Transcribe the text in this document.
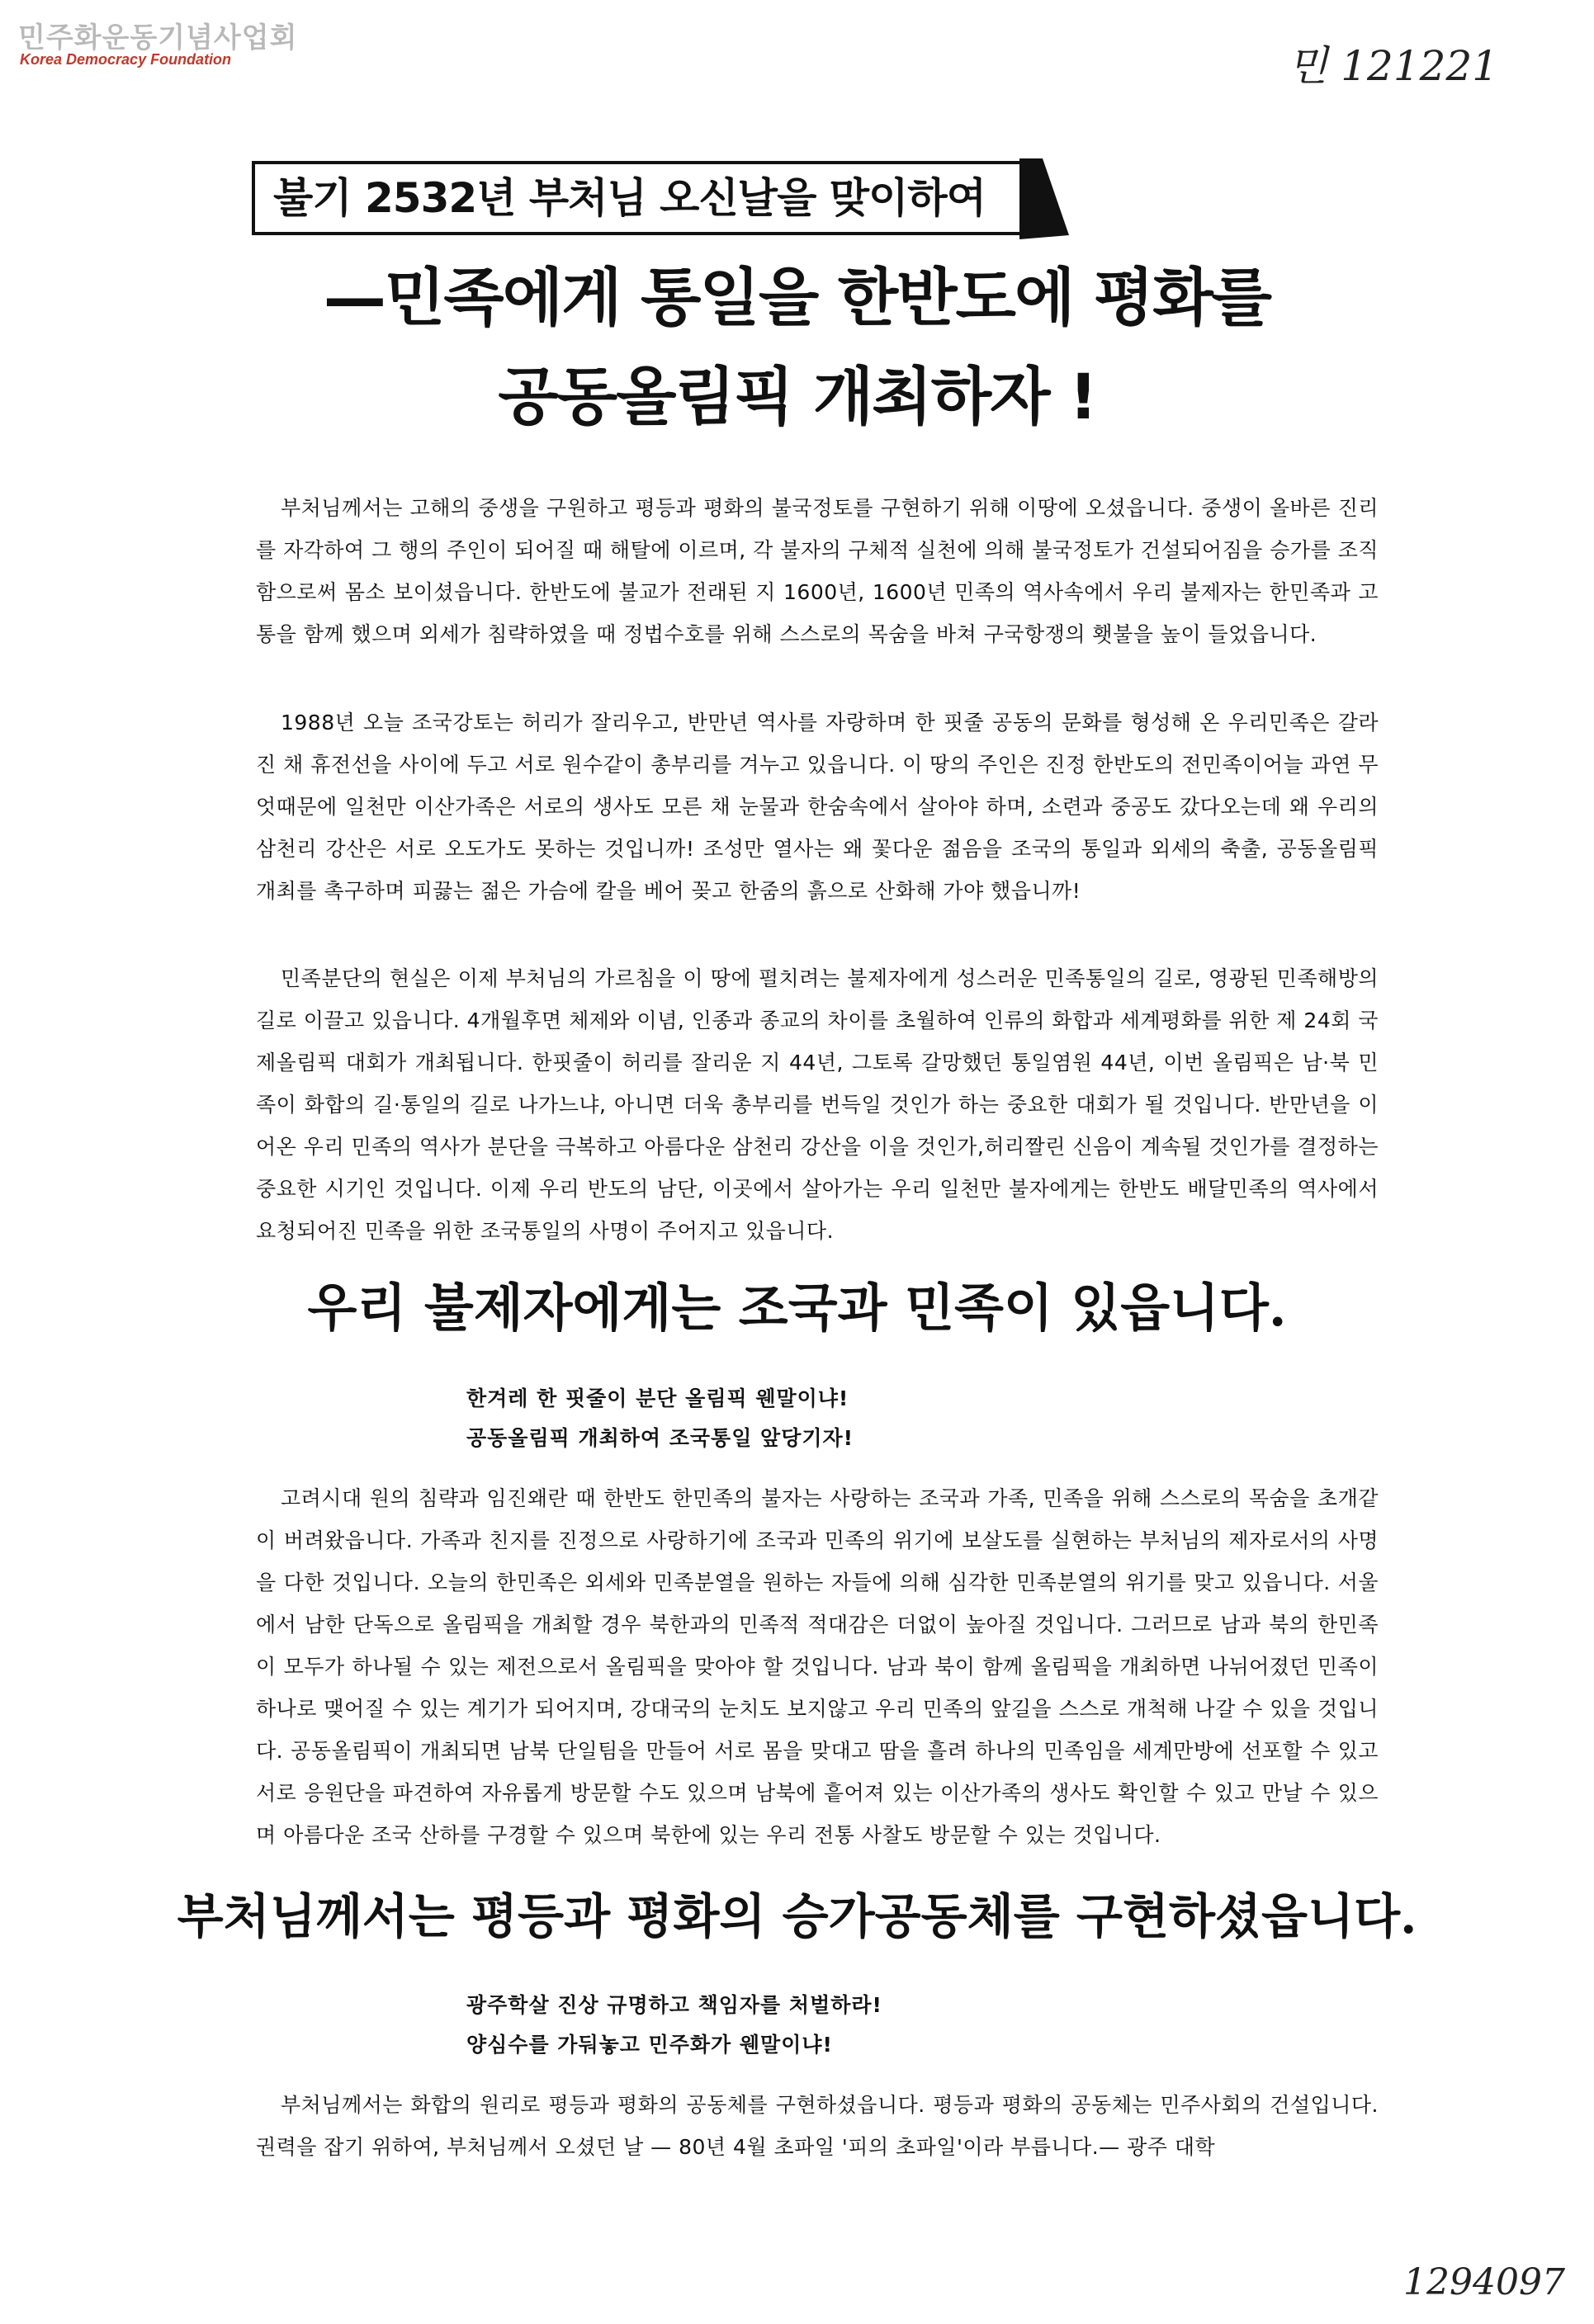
민주화운동기념사업회
Korea Democracy Foundation	민 121221
불기 2532년 부처님 오신날을 맞이하여
—민족에게 통일을 한반도에 평화를
공동올림픽 개최하자 !
부처님께서는 고해의 중생을 구원하고 평등과 평화의 불국정토를 구현하기 위해 이땅에 오셨읍니다. 중생이 올바른 진리를 자각하여 그 행의 주인이 되어질 때 해탈에 이르며, 각 불자의 구체적 실천에 의해 불국정토가 건설되어짐을 승가를 조직함으로써 몸소 보이셨읍니다. 한반도에 불교가 전래된 지 1600년, 1600년 민족의 역사속에서 우리 불제자는 한민족과 고통을 함께 했으며 외세가 침략하였을 때 정법수호를 위해 스스로의 목숨을 바쳐 구국항쟁의 횃불을 높이 들었읍니다.
1988년 오늘 조국강토는 허리가 잘리우고, 반만년 역사를 자랑하며 한 핏줄 공동의 문화를 형성해 온 우리민족은 갈라진 채 휴전선을 사이에 두고 서로 원수같이 총부리를 겨누고 있읍니다. 이 땅의 주인은 진정 한반도의 전민족이어늘 과연 무엇때문에 일천만 이산가족은 서로의 생사도 모른 채 눈물과 한숨속에서 살아야 하며, 소련과 중공도 갔다오는데 왜 우리의 삼천리 강산은 서로 오도가도 못하는 것입니까! 조성만 열사는 왜 꽃다운 젊음을 조국의 통일과 외세의 축출, 공동올림픽 개최를 촉구하며 피끓는 젊은 가슴에 칼을 베어 꽂고 한줌의 흙으로 산화해 가야 했읍니까!
민족분단의 현실은 이제 부처님의 가르침을 이 땅에 펼치려는 불제자에게 성스러운 민족통일의 길로, 영광된 민족해방의 길로 이끌고 있읍니다. 4개월후면 체제와 이념, 인종과 종교의 차이를 초월하여 인류의 화합과 세계평화를 위한 제 24회 국제올림픽 대회가 개최됩니다. 한핏줄이 허리를 잘리운 지 44년, 그토록 갈망했던 통일염원 44년, 이번 올림픽은 남·북 민족이 화합의 길·통일의 길로 나가느냐, 아니면 더욱 총부리를 번득일 것인가 하는 중요한 대회가 될 것입니다. 반만년을 이어온 우리 민족의 역사가 분단을 극복하고 아름다운 삼천리 강산을 이을 것인가,허리짤린 신음이 계속될 것인가를 결정하는 중요한 시기인 것입니다. 이제 우리 반도의 남단, 이곳에서 살아가는 우리 일천만 불자에게는 한반도 배달민족의 역사에서 요청되어진 민족을 위한 조국통일의 사명이 주어지고 있읍니다.
우리 불제자에게는 조국과 민족이 있읍니다.
한겨레 한 핏줄이 분단 올림픽 웬말이냐!
공동올림픽 개최하여 조국통일 앞당기자!
고려시대 원의 침략과 임진왜란 때 한반도 한민족의 불자는 사랑하는 조국과 가족, 민족을 위해 스스로의 목숨을 초개같이 버려왔읍니다. 가족과 친지를 진정으로 사랑하기에 조국과 민족의 위기에 보살도를 실현하는 부처님의 제자로서의 사명을 다한 것입니다. 오늘의 한민족은 외세와 민족분열을 원하는 자들에 의해 심각한 민족분열의 위기를 맞고 있읍니다. 서울에서 남한 단독으로 올림픽을 개최할 경우 북한과의 민족적 적대감은 더없이 높아질 것입니다. 그러므로 남과 북의 한민족이 모두가 하나될 수 있는 제전으로서 올림픽을 맞아야 할 것입니다. 남과 북이 함께 올림픽을 개최하면 나뉘어졌던 민족이 하나로 맺어질 수 있는 계기가 되어지며, 강대국의 눈치도 보지않고 우리 민족의 앞길을 스스로 개척해 나갈 수 있을 것입니다. 공동올림픽이 개최되면 남북 단일팀을 만들어 서로 몸을 맞대고 땀을 흘려 하나의 민족임을 세계만방에 선포할 수 있고 서로 응원단을 파견하여 자유롭게 방문할 수도 있으며 남북에 흩어져 있는 이산가족의 생사도 확인할 수 있고 만날 수 있으며 아름다운 조국 산하를 구경할 수 있으며 북한에 있는 우리 전통 사찰도 방문할 수 있는 것입니다.
부처님께서는 평등과 평화의 승가공동체를 구현하셨읍니다.
광주학살 진상 규명하고 책임자를 처벌하라!
양심수를 가둬놓고 민주화가 웬말이냐!
부처님께서는 화합의 원리로 평등과 평화의 공동체를 구현하셨읍니다. 평등과 평화의 공동체는 민주사회의 건설입니다. 권력을 잡기 위하여, 부처님께서 오셨던 날 — 80년 4월 초파일 '피의 초파일'이라 부릅니다.— 광주 대학
1294097
